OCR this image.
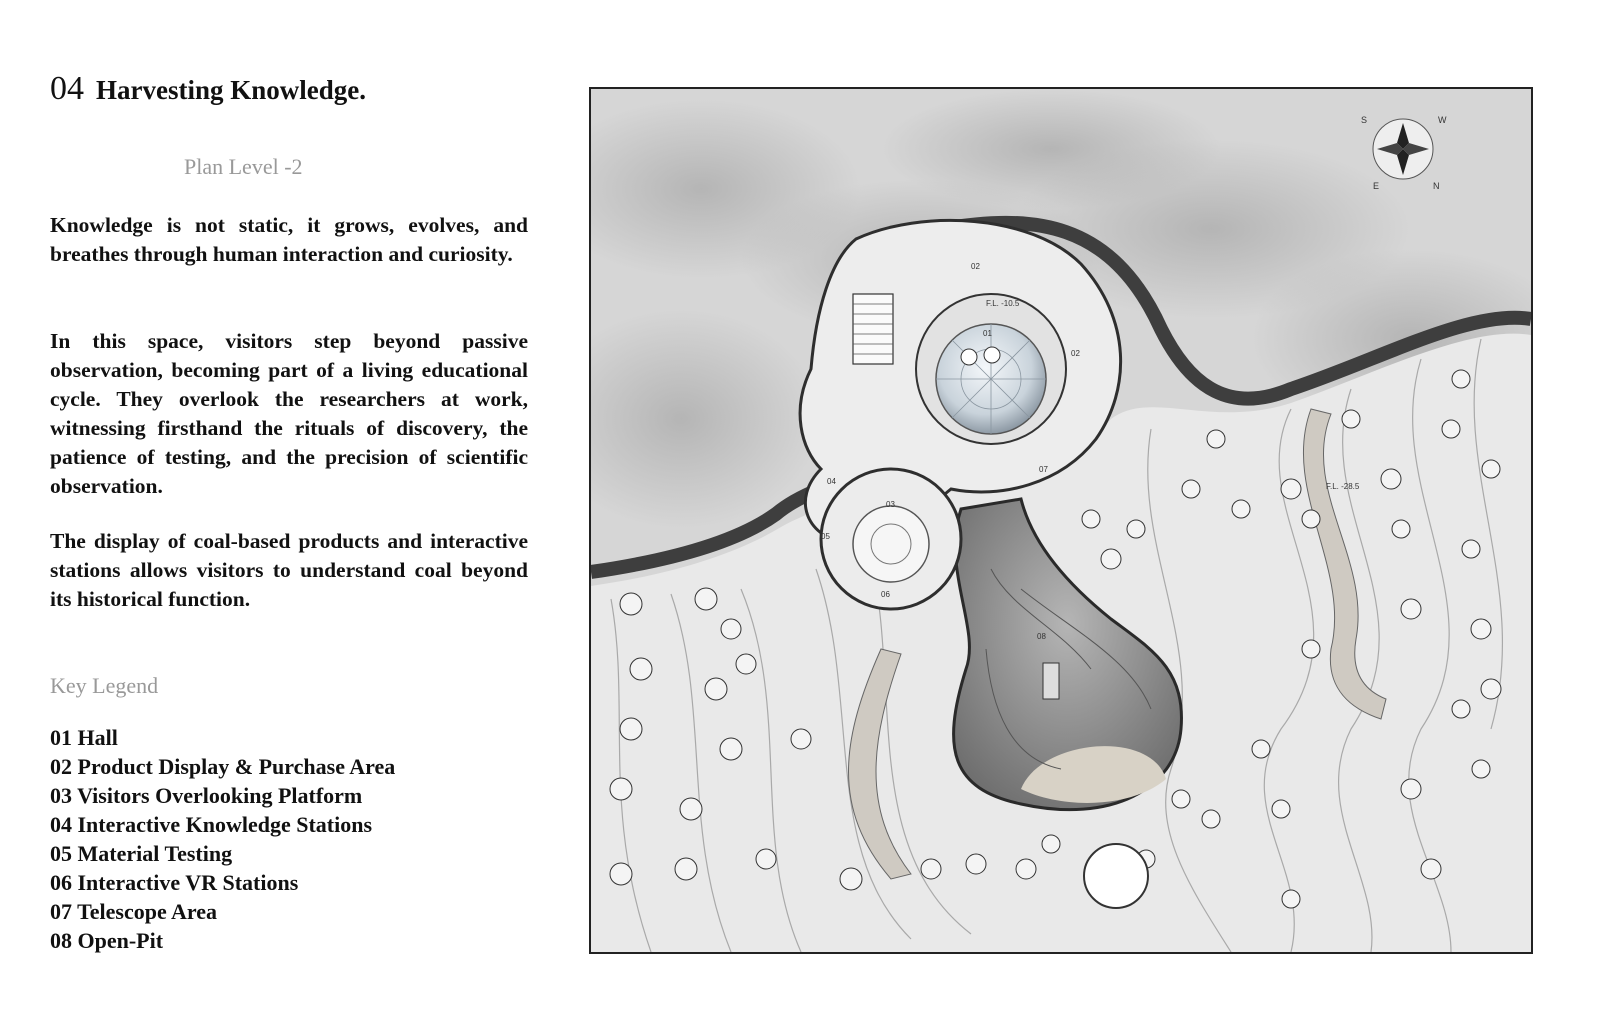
04 Harvesting Knowledge.
Plan Level -2

Knowledge is not static, it grows, evolves, and breathes through human interaction and curiosity.

In this space, visitors step beyond passive observation, becoming part of a living educational cycle. They overlook the researchers at work, witnessing firsthand the rituals of discovery, the patience of testing, and the precision of scientific observation.

The display of coal-based products and interactive stations allows visitors to understand coal beyond its historical function.

Key Legend
01 Hall
02 Product Display & Purchase Area
03 Visitors Overlooking Platform
04 Interactive Knowledge Stations
05 Material Testing
06 Interactive VR Stations
07 Telescope Area
08 Open-Pit
08
01
02
02
03
04
05
06
07
F.L. -10.5
F.L. -28.5
S	W
E	N
